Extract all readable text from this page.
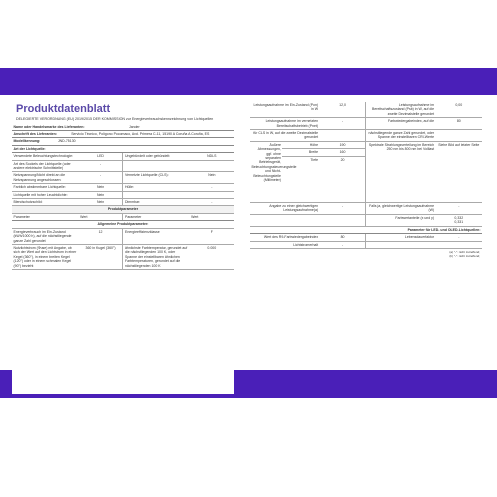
Produktdatenblatt
DELEGIERTE VERORDNUNG (EU) 2019/2015 DER KOMMISSION zur Energieverbrauchskennzeichnung von Lichtquellen
Name oder Handelsmarke des Lieferanten:	Jander
Anschrift des Lieferanten:	Servicio Técnico, Polígono Pocomaco, Avd. Primera C-11, 15190 A Coruña A Coruña, ES
Modellkennung:	JND-75130
Art der Lichtquelle:			
Verwendete Beleuchtungstechnologie:	LED	Ungebündelt oder gebündelt:	NDLS
Art des Sockels der Lichtquelle (oder andere elektrische Schnittstelle)	-		
Netzspannung/Nicht direkt an die Netzspannung angeschlossen:	-	Vernetzte Lichtquelle (CLS):	Nein
Farblich abstimmbare Lichtquelle:	Nein	Hülle:	-
Lichtquelle mit hoher Leuchtdichte:	Nein		
Blendschutzschild:	Nein	Dimmbar:	-
Produktparameter			
Parameter	Wert	Parameter	Wert
Allgemeine Produktparameter:			
Energieverbrauch im Ein-Zustand (kWh/1000 h), auf die nächstliegende ganze Zahl gerundet	12	Energieeffizienzklasse	F
Nutzlichtstrom (Φuse) mit Angabe, ob sich der Wert auf den Lichtstrom in einer Kegel (360°), in einem breiten Kegel (120°) oder in einem schmalen Kegel (90°) bezieht	360 in Kugel (360°)	ähnlichste Farbtemperatur, gerundet auf die nächstliegenden 100 K, oder Spanne der einstellbaren ähnlichen Farbtemperaturen, gerundet auf die nächstliegenden 100 K	0.000
Leistungsaufnahme im Ein-Zustand (Pon) in W	12,0	Leistungsaufnahme im Bereitschaftszustand (Psb) in W, auf die zweite Dezimalstelle gerundet	0,00
Leistungsaufnahme im vernetzten Bereitschaftsbetrieb (Pnet)	-	Farbwiedergabeindex, auf die	80
für CLS in W, auf die zweite Dezimalstelle gerundet		nächstliegende ganze Zahl gerundet, oder Spanne der einstellbaren CRI-Werte	
Äußere Abmessungen, ggf. ohne separaten Betriebsgerät, Beleuchtungssteuerungsteile und Nicht-Beleuchtungsteile (Millimeter)	Höhe	190	Spektrale Strahlungsverteilung im Bereich 250 nm bis 800 nm bei Volllast	Siehe Bild auf letzter Seite
	Breite	160		
	Tiefe	20		
Angabe zu einer gleichwertigen Leistungsaufnahme(a)	-	Falls ja, gleichwertige Leistungsaufnahme (W)	-
		Farbwertanteile (x und y)	0,332
0,331
Parameter für LED- und OLED-Lichtquellen:			
Wert des R9-Farbwiedergabeindex	80	Lebensdauerfaktor	-
Lichtstromerhalt	-		
(a) "-": nicht zutreffend;
(b) "-": nicht zutreffend;
